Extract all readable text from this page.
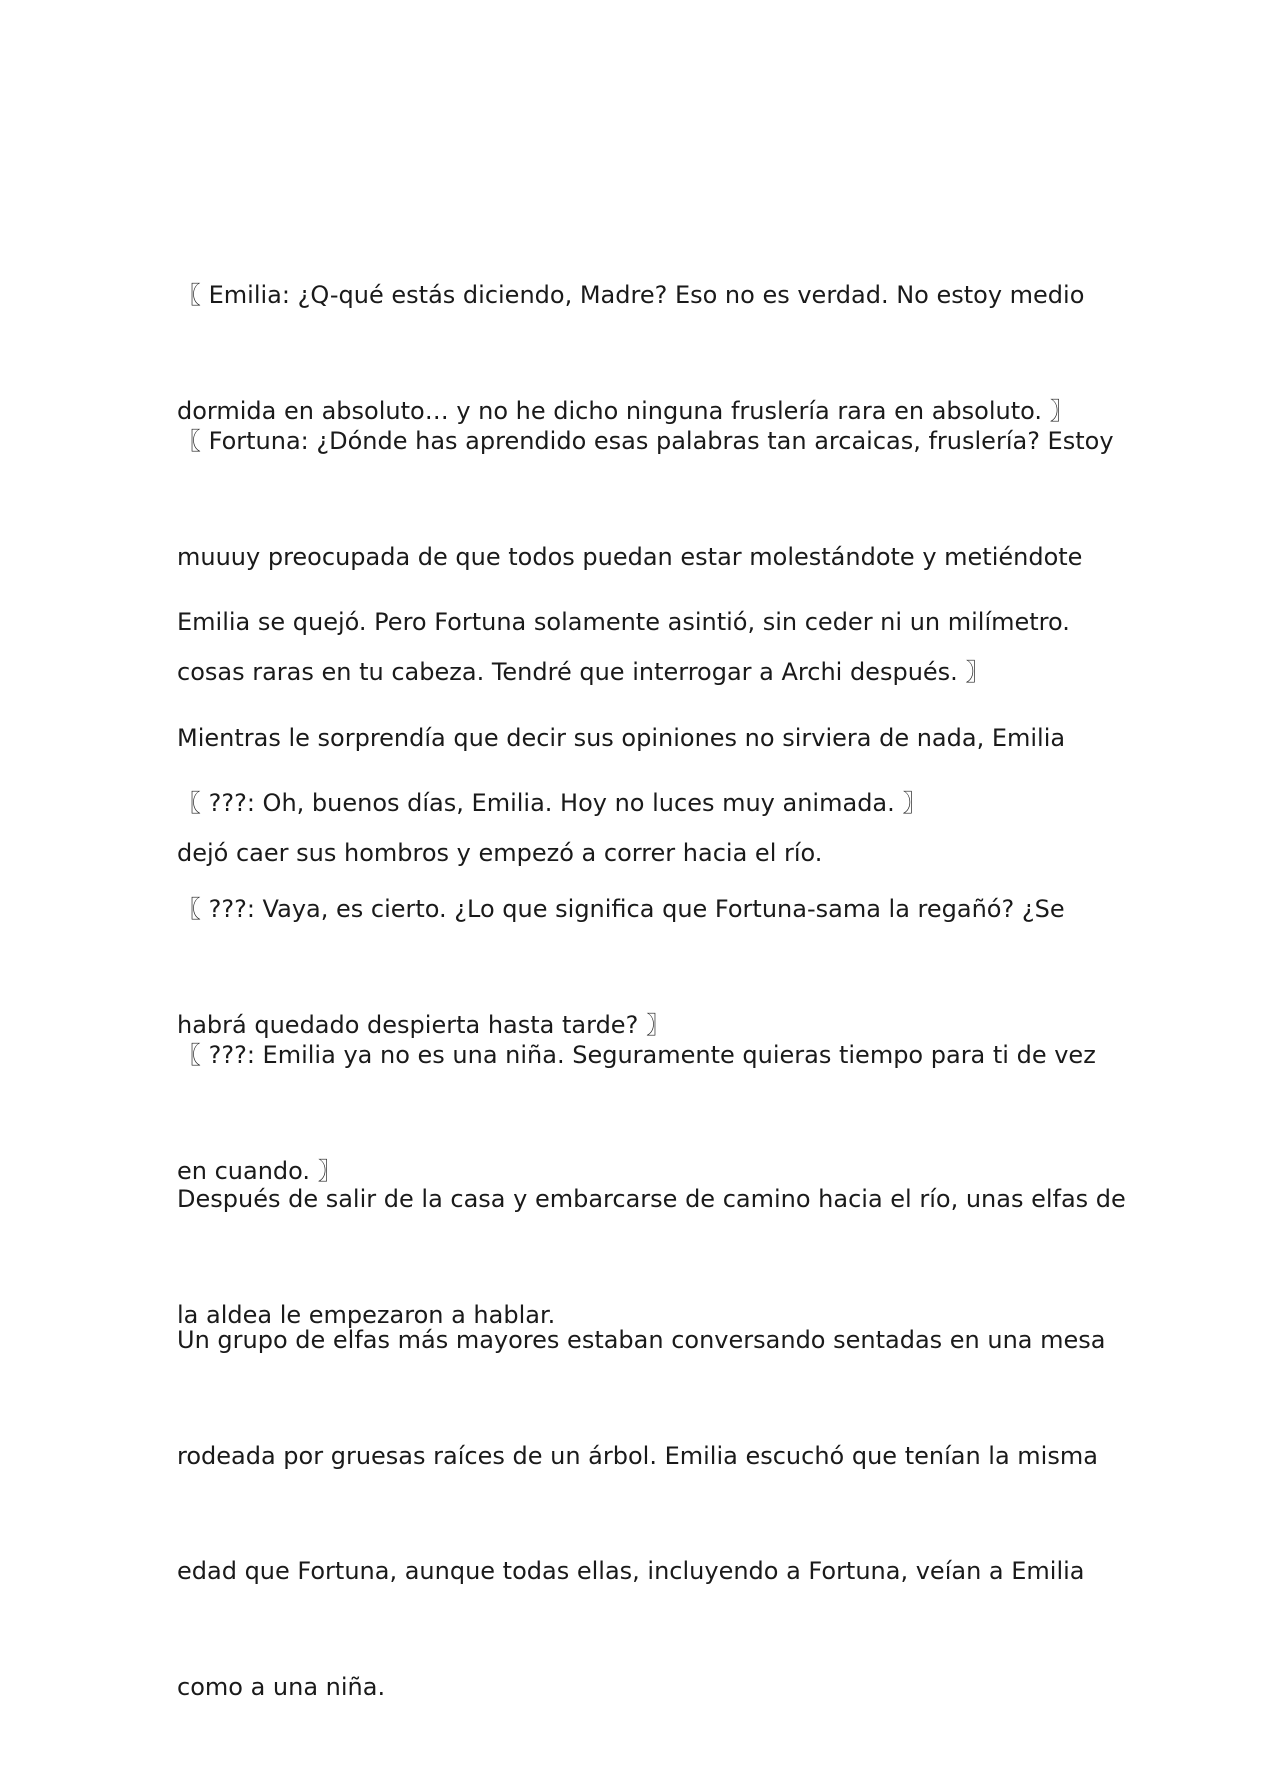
〖 Emilia: ¿Q-qué estás diciendo, Madre? Eso no es verdad. No estoy medio

dormida en absoluto… y no he dicho ninguna fruslería rara en absoluto. 〗

〖 Fortuna: ¿Dónde has aprendido esas palabras tan arcaicas, fruslería? Estoy

muuuy preocupada de que todos puedan estar molestándote y metiéndote

cosas raras en tu cabeza. Tendré que interrogar a Archi después. 〗

Emilia se quejó. Pero Fortuna solamente asintió, sin ceder ni un milímetro.

Mientras le sorprendía que decir sus opiniones no sirviera de nada, Emilia

dejó caer sus hombros y empezó a correr hacia el río.

〖 ???: Oh, buenos días, Emilia. Hoy no luces muy animada. 〗

〖 ???: Vaya, es cierto. ¿Lo que significa que Fortuna-sama la regañó? ¿Se

habrá quedado despierta hasta tarde? 〗

〖 ???: Emilia ya no es una niña. Seguramente quieras tiempo para ti de vez

en cuando. 〗

Después de salir de la casa y embarcarse de camino hacia el río, unas elfas de

la aldea le empezaron a hablar.

Un grupo de elfas más mayores estaban conversando sentadas en una mesa

rodeada por gruesas raíces de un árbol. Emilia escuchó que tenían la misma

edad que Fortuna, aunque todas ellas, incluyendo a Fortuna, veían a Emilia

como a una niña.
